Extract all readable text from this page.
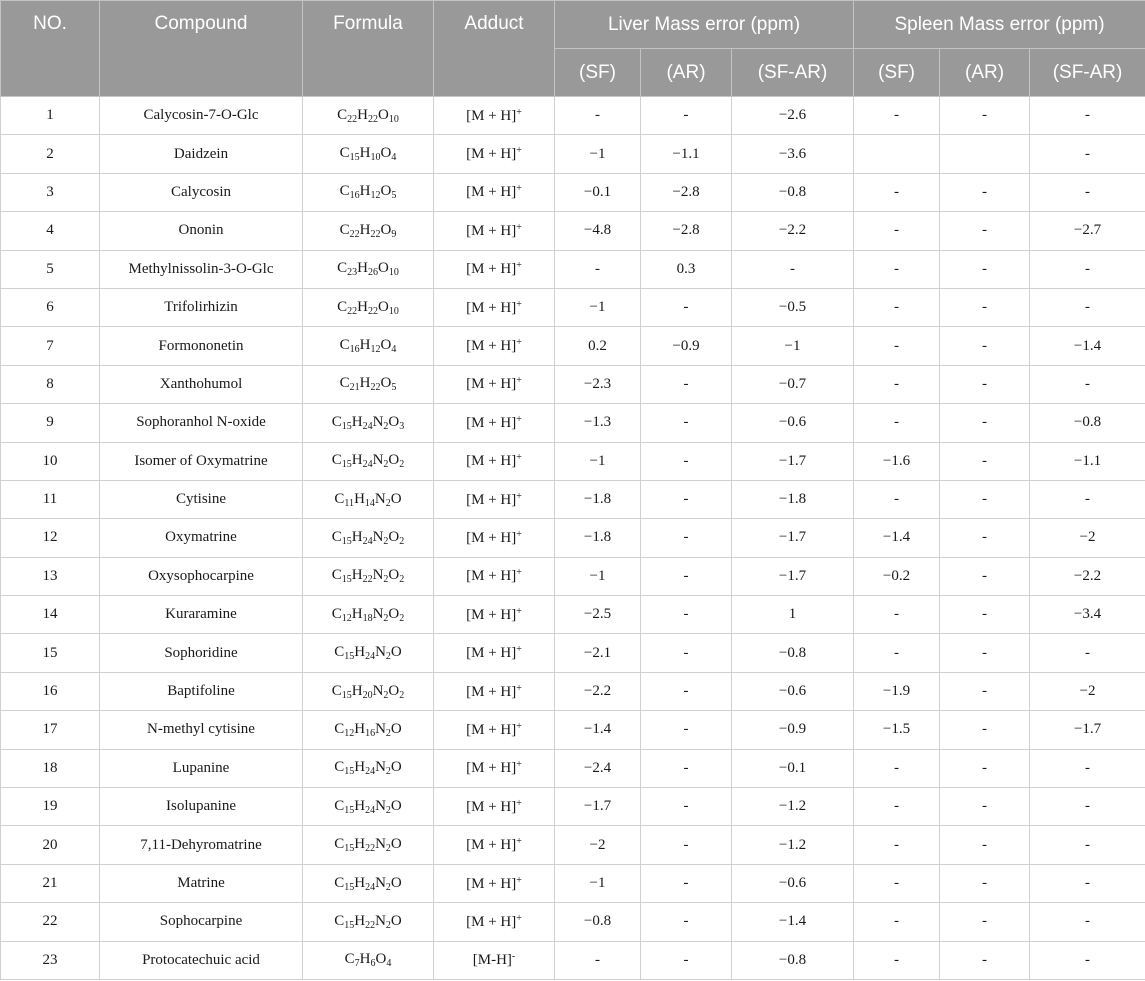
NO.	Compound	Formula	Adduct	Liver Mass error (ppm)			Spleen Mass error (ppm)		
				(SF)	(AR)	(SF-AR)	(SF)	(AR)	(SF-AR)
1	Calycosin-7-O-Glc	$C_{22}H_{22}O_{10}$	[M + H]+	-	-	−2.6	-	-	-
2	Daidzein	$C_{15}H_{10}O_4$	[M + H]+	−1	−1.1	−3.6			-
3	Calycosin	$C_{16}H_{12}O_5$	[M + H]+	−0.1	−2.8	−0.8	-	-	-
4	Ononin	$C_{22}H_{22}O_9$	[M + H]+	−4.8	−2.8	−2.2	-	-	−2.7
5	Methylnissolin-3-O-Glc	$C_{23}H_{26}O_{10}$	[M + H]+	-	0.3	-	-	-	-
6	Trifolirhizin	$C_{22}H_{22}O_{10}$	[M + H]+	−1	-	−0.5	-	-	-
7	Formononetin	$C_{16}H_{12}O_4$	[M + H]+	0.2	−0.9	−1	-	-	−1.4
8	Xanthohumol	$C_{21}H_{22}O_5$	[M + H]+	−2.3	-	−0.7	-	-	-
9	Sophoranhol N-oxide	$C_{15}H_{24}N_2O_3$	[M + H]+	−1.3	-	−0.6	-	-	−0.8
10	Isomer of Oxymatrine	$C_{15}H_{24}N_2O_2$	[M + H]+	−1	-	−1.7	−1.6	-	−1.1
11	Cytisine	$C_{11}H_{14}N_2O$	[M + H]+	−1.8	-	−1.8	-	-	-
12	Oxymatrine	$C_{15}H_{24}N_2O_2$	[M + H]+	−1.8	-	−1.7	−1.4	-	−2
13	Oxysophocarpine	$C_{15}H_{22}N_2O_2$	[M + H]+	−1	-	−1.7	−0.2	-	−2.2
14	Kuraramine	$C_{12}H_{18}N_2O_2$	[M + H]+	−2.5	-	1	-	-	−3.4
15	Sophoridine	$C_{15}H_{24}N_2O$	[M + H]+	−2.1	-	−0.8	-	-	-
16	Baptifoline	$C_{15}H_{20}N_2O_2$	[M + H]+	−2.2	-	−0.6	−1.9	-	−2
17	N-methyl cytisine	$C_{12}H_{16}N_2O$	[M + H]+	−1.4	-	−0.9	−1.5	-	−1.7
18	Lupanine	$C_{15}H_{24}N_2O$	[M + H]+	−2.4	-	−0.1	-	-	-
19	Isolupanine	$C_{15}H_{24}N_2O$	[M + H]+	−1.7	-	−1.2	-	-	-
20	7,11-Dehyromatrine	$C_{15}H_{22}N_2O$	[M + H]+	−2	-	−1.2	-	-	-
21	Matrine	$C_{15}H_{24}N_2O$	[M + H]+	−1	-	−0.6	-	-	-
22	Sophocarpine	$C_{15}H_{22}N_2O$	[M + H]+	−0.8	-	−1.4	-	-	-
23	Protocatechuic acid	$C_7H_6O_4$	[M-H]-	-	-	−0.8	-	-	-
